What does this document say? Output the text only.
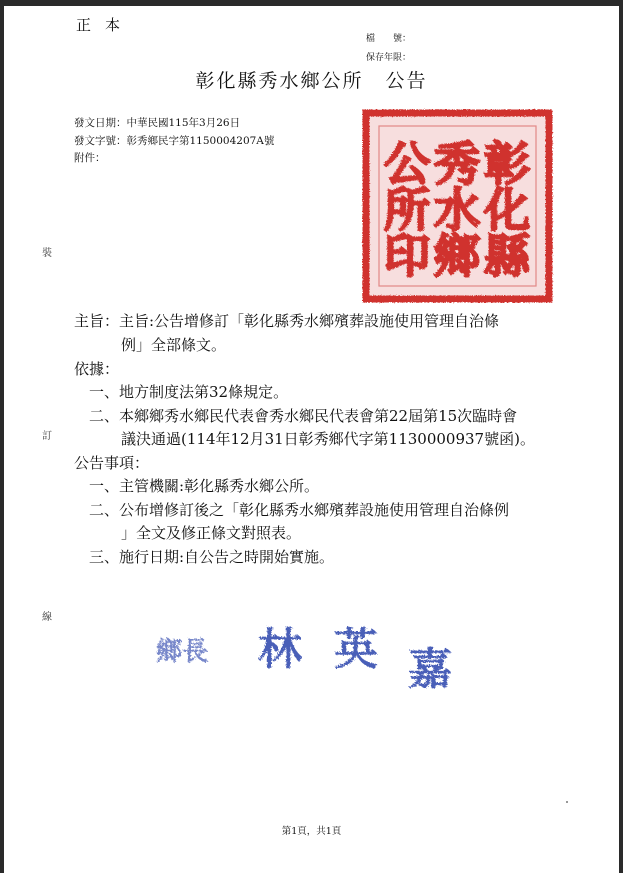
正本
檔　　號：
保存年限：
彰化縣秀水鄉公所 公告
發文日期：中華民國115年3月26日
發文字號：彰秀鄉民字第1150004207A號
附件：
裝
訂
線
彰
化
縣
秀
水
鄉
公
所
印
主旨：主旨:公告增修訂「彰化縣秀水鄉殯葬設施使用管理自治條
例」全部條文。
依據：
一、地方制度法第32條規定。
二、本鄉鄉秀水鄉民代表會秀水鄉民代表會第22屆第15次臨時會
議決通過(114年12月31日彰秀鄉代字第1130000937號函)。
公告事項：
一、主管機關:彰化縣秀水鄉公所。
二、公布增修訂後之「彰化縣秀水鄉殯葬設施使用管理自治條例
」全文及修正條文對照表。
三、施行日期:自公告之時開始實施。
鄉長 林 英 嘉
第1頁，共1頁
